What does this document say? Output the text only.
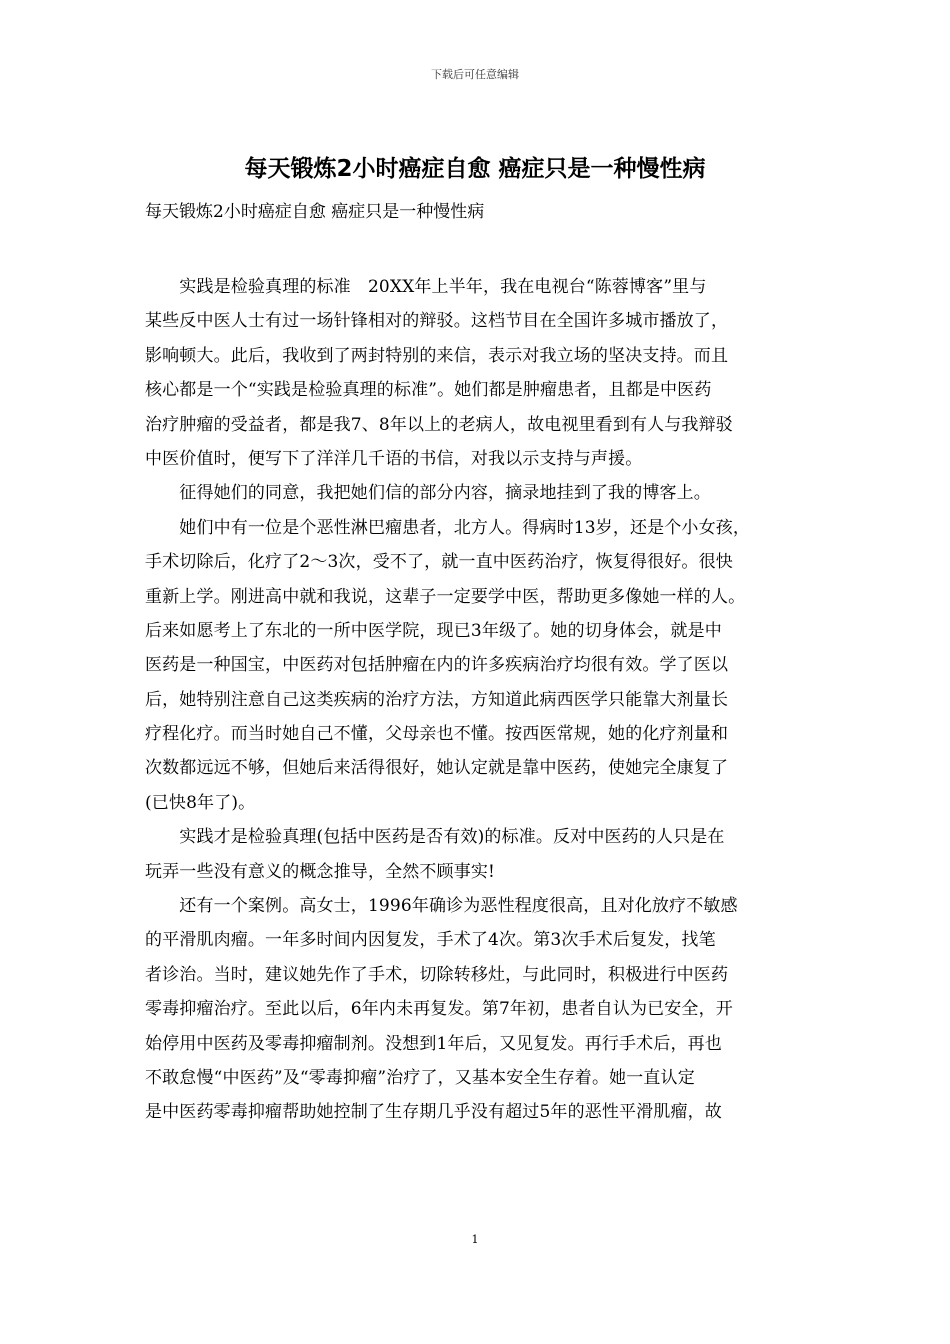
下载后可任意编辑
每天锻炼2小时癌症自愈 癌症只是一种慢性病

每天锻炼2小时癌症自愈 癌症只是一种慢性病

　　实践是检验真理的标准　20XX年上半年，我在电视台“陈蓉博客”里与
某些反中医人士有过一场针锋相对的辩驳。这档节目在全国许多城市播放了，
影响顿大。此后，我收到了两封特别的来信，表示对我立场的坚决支持。而且
核心都是一个“实践是检验真理的标准”。她们都是肿瘤患者，且都是中医药
治疗肿瘤的受益者，都是我7、8年以上的老病人，故电视里看到有人与我辩驳
中医价值时，便写下了洋洋几千语的书信，对我以示支持与声援。
　　征得她们的同意，我把她们信的部分内容，摘录地挂到了我的博客上。
　　她们中有一位是个恶性淋巴瘤患者，北方人。得病时13岁，还是个小女孩，
手术切除后，化疗了2～3次，受不了，就一直中医药治疗，恢复得很好。很快
重新上学。刚进高中就和我说，这辈子一定要学中医，帮助更多像她一样的人。
后来如愿考上了东北的一所中医学院，现已3年级了。她的切身体会，就是中
医药是一种国宝，中医药对包括肿瘤在内的许多疾病治疗均很有效。学了医以
后，她特别注意自己这类疾病的治疗方法，方知道此病西医学只能靠大剂量长
疗程化疗。而当时她自己不懂，父母亲也不懂。按西医常规，她的化疗剂量和
次数都远远不够，但她后来活得很好，她认定就是靠中医药，使她完全康复了
(已快8年了)。
　　实践才是检验真理(包括中医药是否有效)的标准。反对中医药的人只是在
玩弄一些没有意义的概念推导，全然不顾事实!
　　还有一个案例。高女士，1996年确诊为恶性程度很高，且对化放疗不敏感
的平滑肌肉瘤。一年多时间内因复发，手术了4次。第3次手术后复发，找笔
者诊治。当时，建议她先作了手术，切除转移灶，与此同时，积极进行中医药
零毒抑瘤治疗。至此以后，6年内未再复发。第7年初，患者自认为已安全，开
始停用中医药及零毒抑瘤制剂。没想到1年后，又见复发。再行手术后，再也
不敢怠慢“中医药”及“零毒抑瘤”治疗了，又基本安全生存着。她一直认定
是中医药零毒抑瘤帮助她控制了生存期几乎没有超过5年的恶性平滑肌瘤，故
1
